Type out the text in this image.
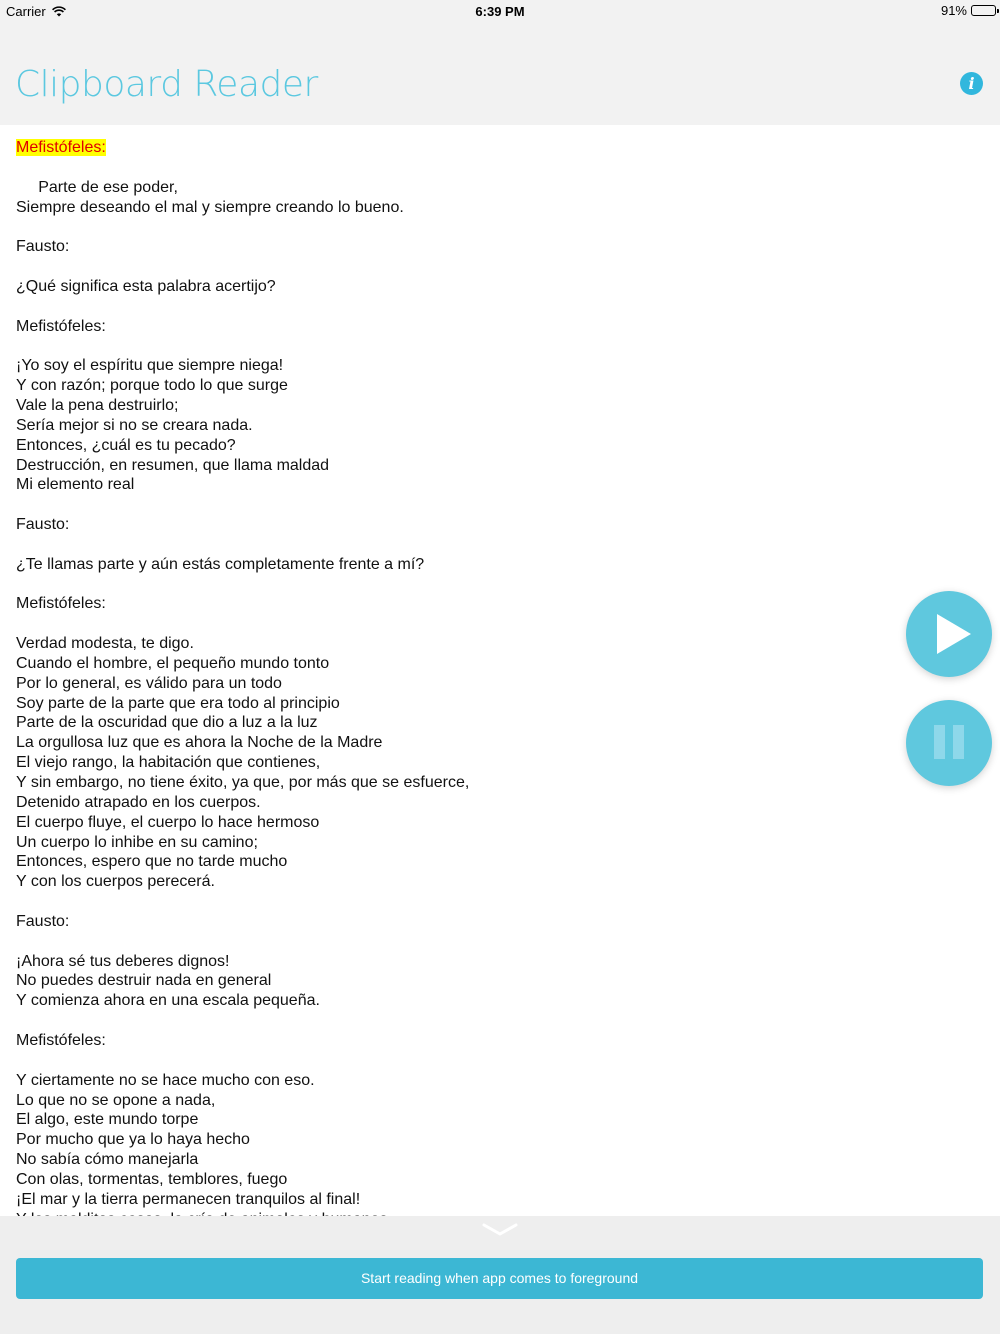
Carrier	6:39 PM	91%
Clipboard Reader	i
Mefistófeles:
Parte de ese poder,
Siempre deseando el mal y siempre creando lo bueno.
Fausto:
¿Qué significa esta palabra acertijo?
Mefistófeles:
¡Yo soy el espíritu que siempre niega!
Y con razón; porque todo lo que surge
Vale la pena destruirlo;
Sería mejor si no se creara nada.
Entonces, ¿cuál es tu pecado?
Destrucción, en resumen, que llama maldad
Mi elemento real
Fausto:
¿Te llamas parte y aún estás completamente frente a mí?
Mefistófeles:
Verdad modesta, te digo.
Cuando el hombre, el pequeño mundo tonto
Por lo general, es válido para un todo
Soy parte de la parte que era todo al principio
Parte de la oscuridad que dio a luz a la luz
La orgullosa luz que es ahora la Noche de la Madre
El viejo rango, la habitación que contienes,
Y sin embargo, no tiene éxito, ya que, por más que se esfuerce,
Detenido atrapado en los cuerpos.
El cuerpo fluye, el cuerpo lo hace hermoso
Un cuerpo lo inhibe en su camino;
Entonces, espero que no tarde mucho
Y con los cuerpos perecerá.
Fausto:
¡Ahora sé tus deberes dignos!
No puedes destruir nada en general
Y comienza ahora en una escala pequeña.
Mefistófeles:
Y ciertamente no se hace mucho con eso.
Lo que no se opone a nada,
El algo, este mundo torpe
Por mucho que ya lo haya hecho
No sabía cómo manejarla
Con olas, tormentas, temblores, fuego
¡El mar y la tierra permanecen tranquilos al final!
Start reading when app comes to foreground
